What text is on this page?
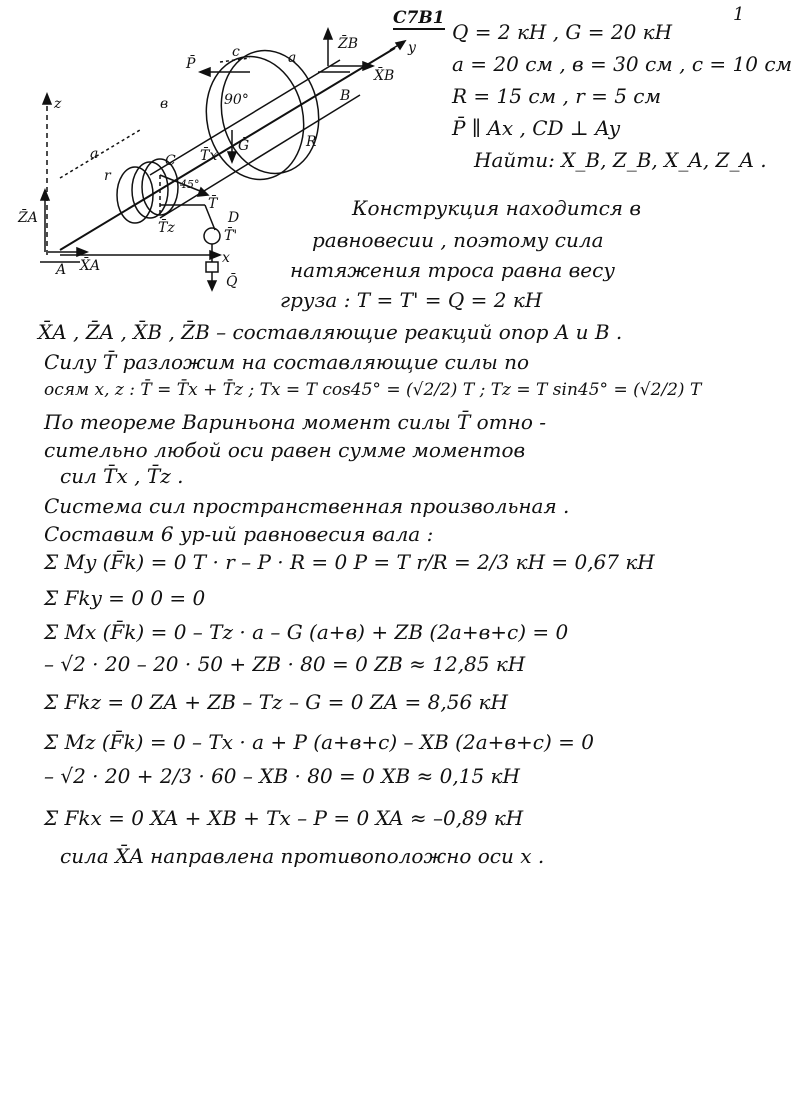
С7В1	1
Q = 2 кН , G = 20 кН
a = 20 см , в = 30 см , с = 10 см
R = 15 см , r = 5 см
P̄ ∥ Ax , CD ⊥ Ay
Найти: X_B, Z_B, X_A, Z_A .
z
y
x
Z̄A
X̄A
A
Z̄B
X̄B
B
P̄
Ḡ
T̄
T̄x
T̄z
C
D
Q̄
T̄'
a
a
в
c
r
R
90°
45°
Конструкция находится в
равновесии , поэтому сила
натяжения троса равна весу
груза : T = T' = Q = 2 кН
X̄A , Z̄A , X̄B , Z̄B – составляющие реакций опор A и B .
Силу T̄ разложим на составляющие силы по
осям x, z : T̄ = T̄x + T̄z ; Tx = T cos45° = (√2/2) T ; Tz = T sin45° = (√2/2) T
По теореме Вариньона момент силы T̄ отно -
сительно любой оси равен сумме моментов
сил T̄x , T̄z .
Система сил пространственная произвольная .
Составим 6 ур-ий равновесия вала :
Σ My (F̄k) = 0 T · r – P · R = 0 P = T r/R = 2/3 кН = 0,67 кН
Σ Fky = 0 0 = 0
Σ Mx (F̄k) = 0 – Tz · a – G (a+в) + ZB (2a+в+c) = 0
– √2 · 20 – 20 · 50 + ZB · 80 = 0 ZB ≈ 12,85 кН
Σ Fkz = 0 ZA + ZB – Tz – G = 0 ZA = 8,56 кН
Σ Mz (F̄k) = 0 – Tx · a + P (a+в+c) – XB (2a+в+c) = 0
– √2 · 20 + 2/3 · 60 – XB · 80 = 0 XB ≈ 0,15 кН
Σ Fkx = 0 XA + XB + Tx – P = 0 XA ≈ –0,89 кН
сила X̄A направлена противоположно оси x .
